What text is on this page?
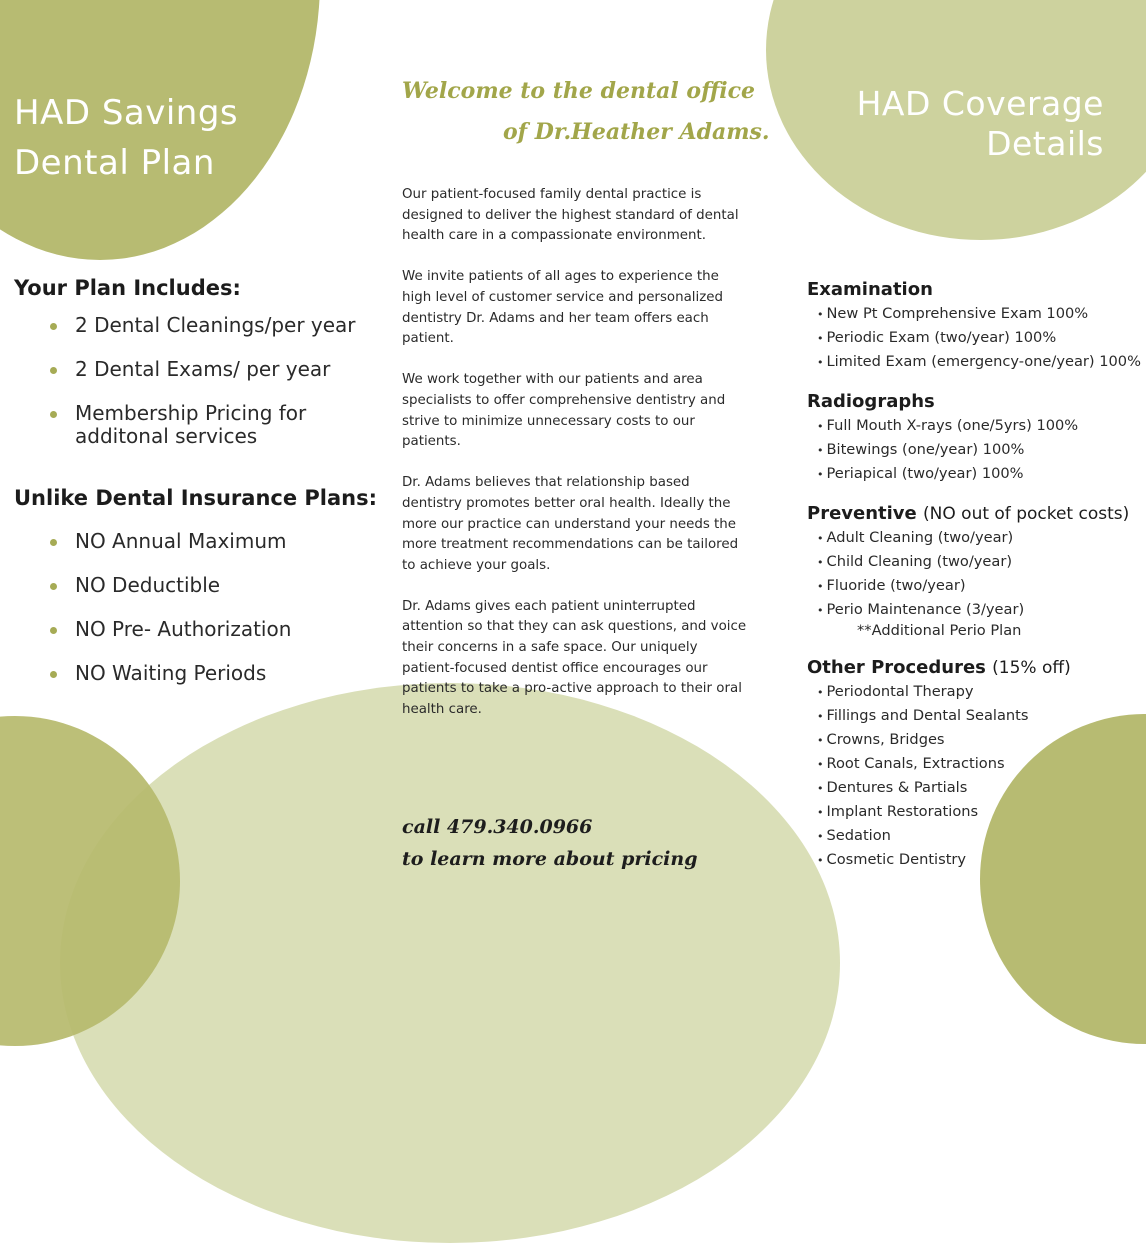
HAD Savings
Dental Plan
Your Plan Includes:
2 Dental Cleanings/per year
2 Dental Exams/ per year
Membership Pricing for additonal services
Unlike Dental Insurance Plans:
NO Annual Maximum
NO Deductible
NO Pre- Authorization
NO Waiting Periods
Welcome to the dental office
of Dr.Heather Adams.

Our patient-focused family dental practice is designed to deliver the highest standard of dental health care in a compassionate environment.

We invite patients of all ages to experience the high level of customer service and personalized dentistry Dr. Adams and her team offers each patient.

We work together with our patients and area specialists to offer comprehensive dentistry and strive to minimize unnecessary costs to our patients.

Dr. Adams believes that relationship based dentistry promotes better oral health. Ideally the more our practice can understand your needs the more treatment recommendations can be tailored to achieve your goals.

Dr. Adams gives each patient uninterrupted attention so that they can ask questions, and voice their concerns in a safe space. Our uniquely patient-focused dentist office encourages our patients to take a pro-active approach to their oral health care.

call 479.340.0966
to learn more about pricing
HAD Coverage
Details
Examination
• New Pt Comprehensive Exam 100%
• Periodic Exam (two/year) 100%
• Limited Exam (emergency-one/year) 100%
Radiographs
• Full Mouth X-rays (one/5yrs) 100%
• Bitewings (one/year) 100%
• Periapical (two/year) 100%
Preventive (NO out of pocket costs)
• Adult Cleaning (two/year)
• Child Cleaning (two/year)
• Fluoride (two/year)
• Perio Maintenance (3/year)
**Additional Perio Plan
Other Procedures (15% off)
• Periodontal Therapy
• Fillings and Dental Sealants
• Crowns, Bridges
• Root Canals, Extractions
• Dentures & Partials
• Implant Restorations
• Sedation
• Cosmetic Dentistry
